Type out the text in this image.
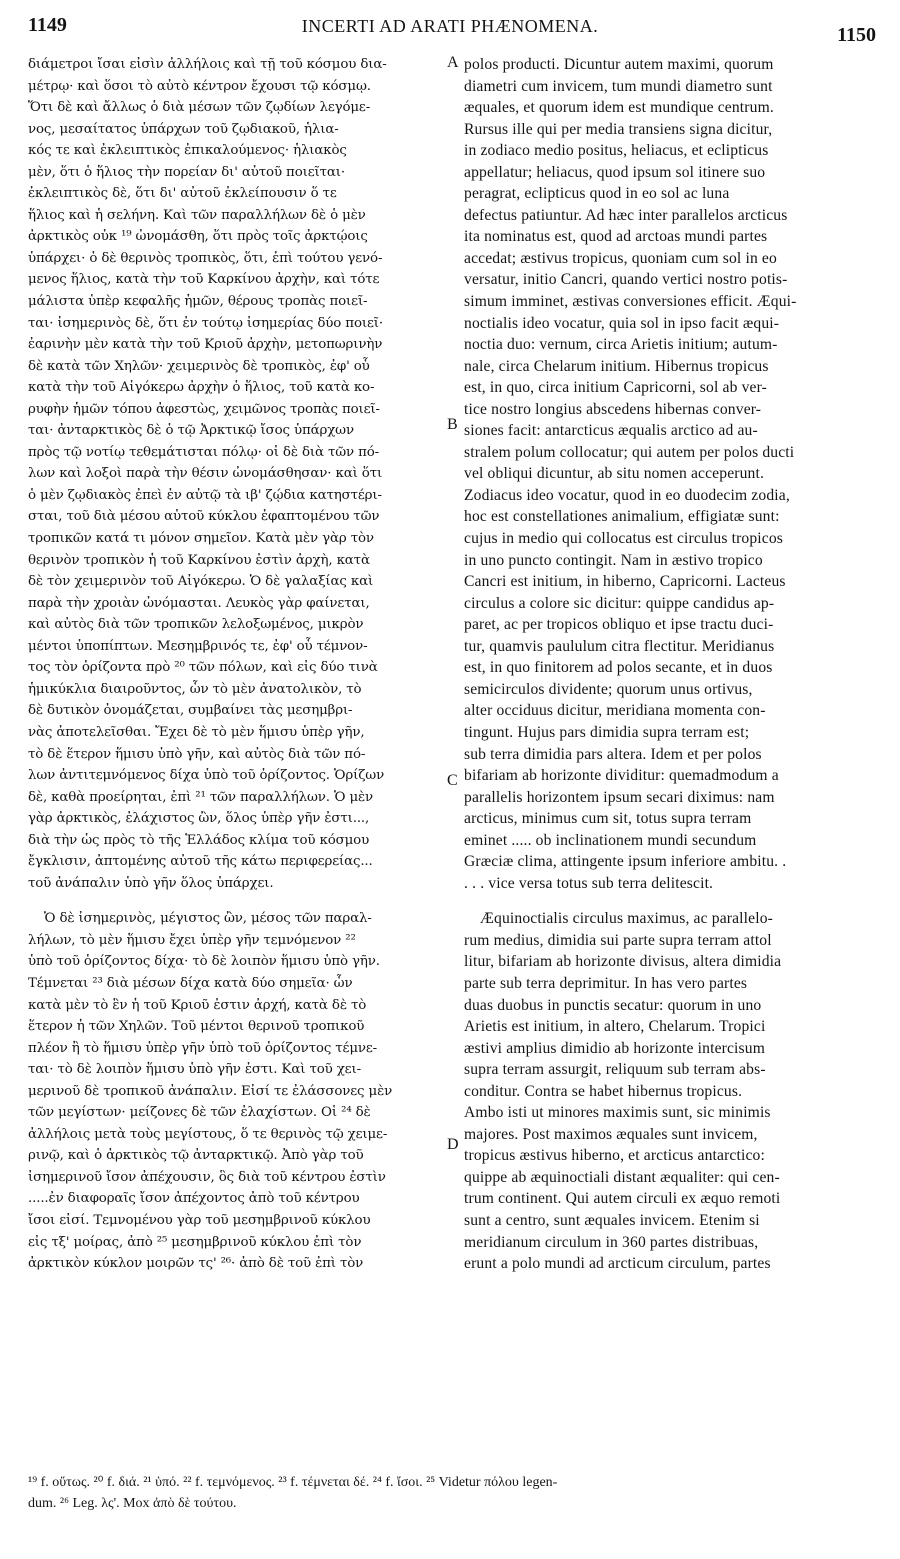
1149	INCERTI AD ARATI PHÆNOMENA.	1150
διάμετροι ἴσαι εἰσὶν ἀλλήλοις καὶ τῇ τοῦ κόσμου δια-
μέτρῳ· καὶ ὅσοι τὸ αὐτὸ κέντρον ἔχουσι τῷ κόσμῳ.
Ὅτι δὲ καὶ ἄλλως ὁ διὰ μέσων τῶν ζῳδίων λεγόμε-
νος, μεσαίτατος ὑπάρχων τοῦ ζῳδιακοῦ, ἡλια-
κός τε καὶ ἐκλειπτικὸς ἐπικαλούμενος· ἡλιακὸς
μὲν, ὅτι ὁ ἥλιος τὴν πορείαν δι' αὐτοῦ ποιεῖται·
ἐκλειπτικὸς δὲ, ὅτι δι' αὐτοῦ ἐκλείπουσιν ὅ τε
ἥλιος καὶ ἡ σελήνη. Καὶ τῶν παραλλήλων δὲ ὁ μὲν
ἀρκτικὸς οὐκ ¹⁹ ὠνομάσθη, ὅτι πρὸς τοῖς ἀρκτῴοις
ὑπάρχει· ὁ δὲ θερινὸς τροπικὸς, ὅτι, ἐπὶ τούτου γενό-
μενος ἥλιος, κατὰ τὴν τοῦ Καρκίνου ἀρχὴν, καὶ τότε
μάλιστα ὑπὲρ κεφαλῆς ἡμῶν, θέρους τροπὰς ποιεῖ-
ται· ἰσημερινὸς δὲ, ὅτι ἐν τούτῳ ἰσημερίας δύο ποιεῖ·
ἐαρινὴν μὲν κατὰ τὴν τοῦ Κριοῦ ἀρχὴν, μετοπωρινὴν
δὲ κατὰ τῶν Χηλῶν· χειμερινὸς δὲ τροπικὸς, ἐφ' οὗ
κατὰ τὴν τοῦ Αἰγόκερω ἀρχὴν ὁ ἥλιος, τοῦ κατὰ κο-
ρυφὴν ἡμῶν τόπου ἀφεστὼς, χειμῶνος τροπὰς ποιεῖ-
ται· ἀνταρκτικὸς δὲ ὁ τῷ Ἀρκτικῷ ἴσος ὑπάρχων
πρὸς τῷ νοτίῳ τεθεμάτισται πόλῳ· οἱ δὲ διὰ τῶν πό-
λων καὶ λοξοὶ παρὰ τὴν θέσιν ὠνομάσθησαν· καὶ ὅτι
ὁ μὲν ζῳδιακὸς ἐπεὶ ἐν αὐτῷ τὰ ιβ' ζῴδια κατηστέρι-
σται, τοῦ διὰ μέσου αὐτοῦ κύκλου ἐφαπτομένου τῶν
τροπικῶν κατά τι μόνον σημεῖον. Κατὰ μὲν γὰρ τὸν
θερινὸν τροπικὸν ἡ τοῦ Καρκίνου ἐστὶν ἀρχὴ, κατὰ
δὲ τὸν χειμερινὸν τοῦ Αἰγόκερω. Ὁ δὲ γαλαξίας καὶ
παρὰ τὴν χροιὰν ὠνόμασται. Λευκὸς γὰρ φαίνεται,
καὶ αὐτὸς διὰ τῶν τροπικῶν λελοξωμένος, μικρὸν
μέντοι ὑποπίπτων. Μεσημβρινός τε, ἐφ' οὗ τέμνον-
τος τὸν ὁρίζοντα πρὸ ²⁰ τῶν πόλων, καὶ εἰς δύο τινὰ
ἡμικύκλια διαιροῦντος, ὧν τὸ μὲν ἀνατολικὸν, τὸ
δὲ δυτικὸν ὀνομάζεται, συμβαίνει τὰς μεσημβρι-
νὰς ἀποτελεῖσθαι. Ἔχει δὲ τὸ μὲν ἥμισυ ὑπὲρ γῆν,
τὸ δὲ ἕτερον ἥμισυ ὑπὸ γῆν, καὶ αὐτὸς διὰ τῶν πό-
λων ἀντιτεμνόμενος δίχα ὑπὸ τοῦ ὁρίζοντος. Ὁρίζων
δὲ, καθὰ προείρηται, ἐπὶ ²¹ τῶν παραλλήλων. Ὁ μὲν
γὰρ ἀρκτικὸς, ἐλάχιστος ὢν, ὅλος ὑπὲρ γῆν ἐστι...,
διὰ τὴν ὡς πρὸς τὸ τῆς Ἑλλάδος κλίμα τοῦ κόσμου
ἔγκλισιν, ἀπτομένης αὐτοῦ τῆς κάτω περιφερείας...
τοῦ ἀνάπαλιν ὑπὸ γῆν ὅλος ὑπάρχει.
Ὁ δὲ ἰσημερινὸς, μέγιστος ὢν, μέσος τῶν παραλ-
λήλων, τὸ μὲν ἥμισυ ἔχει ὑπὲρ γῆν τεμνόμενον ²²
ὑπὸ τοῦ ὁρίζοντος δίχα· τὸ δὲ λοιπὸν ἥμισυ ὑπὸ γῆν.
Τέμνεται ²³ διὰ μέσων δίχα κατὰ δύο σημεῖα· ὧν
κατὰ μὲν τὸ ἓν ἡ τοῦ Κριοῦ ἐστιν ἀρχή, κατὰ δὲ τὸ
ἕτερον ἡ τῶν Χηλῶν. Τοῦ μέντοι θερινοῦ τροπικοῦ
πλέον ἢ τὸ ἥμισυ ὑπὲρ γῆν ὑπὸ τοῦ ὁρίζοντος τέμνε-
ται· τὸ δὲ λοιπὸν ἥμισυ ὑπὸ γῆν ἐστι. Καὶ τοῦ χει-
μερινοῦ δὲ τροπικοῦ ἀνάπαλιν. Εἰσί τε ἐλάσσονες μὲν
τῶν μεγίστων· μείζονες δὲ τῶν ἐλαχίστων. Οἱ ²⁴ δὲ
ἀλλήλοις μετὰ τοὺς μεγίστους, ὅ τε θερινὸς τῷ χειμε-
ρινῷ, καὶ ὁ ἀρκτικὸς τῷ ἀνταρκτικῷ. Ἀπὸ γὰρ τοῦ
ἰσημερινοῦ ἴσον ἀπέχουσιν, ὃς διὰ τοῦ κέντρου ἐστὶν
.....ἐν διαφοραῖς ἴσον ἀπέχοντος ἀπὸ τοῦ κέντρου
ἴσοι εἰσί. Τεμνομένου γὰρ τοῦ μεσημβρινοῦ κύκλου
εἰς τξ' μοίρας, ἀπὸ ²⁵ μεσημβρινοῦ κύκλου ἐπὶ τὸν
ἀρκτικὸν κύκλον μοιρῶν τς' ²⁶· ἀπὸ δὲ τοῦ ἐπὶ τὸν
polos producti. Dicuntur autem maximi, quorum
diametri cum invicem, tum mundi diametro sunt
æquales, et quorum idem est mundique centrum.
Rursus ille qui per media transiens signa dicitur,
in zodiaco medio positus, heliacus, et eclipticus
appellatur; heliacus, quod ipsum sol itinere suo
peragrat, eclipticus quod in eo sol ac luna
defectus patiuntur. Ad hæc inter parallelos arcticus
ita nominatus est, quod ad arctoas mundi partes
accedat; æstivus tropicus, quoniam cum sol in eo
versatur, initio Cancri, quando vertici nostro potis-
simum imminet, æstivas conversiones efficit. Æqui-
noctialis ideo vocatur, quia sol in ipso facit æqui-
noctia duo: vernum, circa Arietis initium; autum-
nale, circa Chelarum initium. Hibernus tropicus
est, in quo, circa initium Capricorni, sol ab ver-
tice nostro longius abscedens hibernas conver-
siones facit: antarcticus æqualis arctico ad au-
stralem polum collocatur; qui autem per polos ducti
vel obliqui dicuntur, ab situ nomen acceperunt.
Zodiacus ideo vocatur, quod in eo duodecim zodia,
hoc est constellationes animalium, effigiatæ sunt:
cujus in medio qui collocatus est circulus tropicos
in uno puncto contingit. Nam in æstivo tropico
Cancri est initium, in hiberno, Capricorni. Lacteus
circulus a colore sic dicitur: quippe candidus ap-
paret, ac per tropicos obliquo et ipse tractu duci-
tur, quamvis paululum citra flectitur. Meridianus
est, in quo finitorem ad polos secante, et in duos
semicirculos dividente; quorum unus ortivus,
alter occiduus dicitur, meridiana momenta con-
tingunt. Hujus pars dimidia supra terram est;
sub terra dimidia pars altera. Idem et per polos
bifariam ab horizonte dividitur: quemadmodum a
parallelis horizontem ipsum secari diximus: nam
arcticus, minimus cum sit, totus supra terram
eminet ..... ob inclinationem mundi secundum
Græciæ clima, attingente ipsum inferiore ambitu. .
. . . vice versa totus sub terra delitescit.
Æquinoctialis circulus maximus, ac parallelo-
rum medius, dimidia sui parte supra terram attol
litur, bifariam ab horizonte divisus, altera dimidia
parte sub terra deprimitur. In has vero partes
duas duobus in punctis secatur: quorum in uno
Arietis est initium, in altero, Chelarum. Tropici
æstivi amplius dimidio ab horizonte intercisum
supra terram assurgit, reliquum sub terram abs-
conditur. Contra se habet hibernus tropicus.
Ambo isti ut minores maximis sunt, sic minimis
majores. Post maximos æquales sunt invicem,
tropicus æstivus hiberno, et arcticus antarctico:
quippe ab æquinoctiali distant æqualiter: qui cen-
trum continent. Qui autem circuli ex æquo remoti
sunt a centro, sunt æquales invicem. Etenim si
meridianum circulum in 360 partes distribuas,
erunt a polo mundi ad arcticum circulum, partes
A
B
C
D
¹⁹ f. οὕτως. ²⁰ f. διά. ²¹ ὑπό. ²² f. τεμνόμενος. ²³ f. τέμνεται δέ. ²⁴ f. ἴσοι. ²⁵ Videtur πόλου legen-
dum. ²⁶ Leg. λς'. Mox ἀπὸ δὲ τούτου.
